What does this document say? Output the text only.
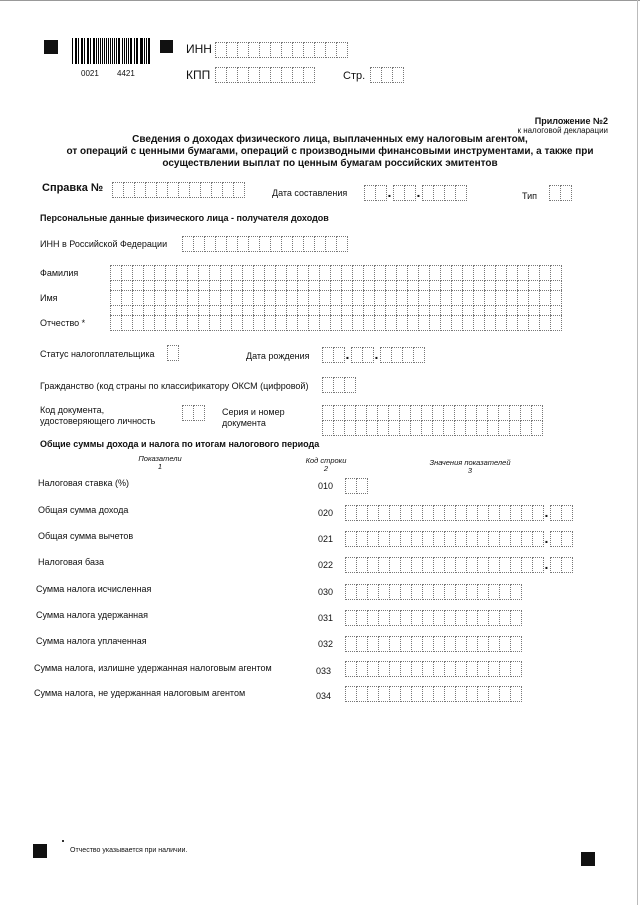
0021 4421
ИНН
КПП	Стр.
Приложение №2
к налоговой декларации
Сведения о доходах физического лица, выплаченных ему налоговым агентом,
от операций с ценными бумагами, операций с производными финансовыми инструментами, а также при
осуществлении выплат по ценным бумагам российских эмитентов
Справка №	Дата составления	. .	Тип
Персональные данные физического лица - получателя доходов
ИНН в Российской Федерации
Фамилия
Имя
Отчество *
Статус налогоплательщика	Дата рождения	. .
Гражданство (код страны по классификатору ОКСМ (цифровой)
Код документа,
удостоверяющего личность
Серия и номер
документа
Общие суммы дохода и налога по итогам налогового периода
Показатели
1
Код строки
2
Значения показателей
3
Налоговая ставка (%)	010
Общая сумма дохода	020	.
Общая сумма вычетов	021	.
Налоговая база	022	.
Сумма налога исчисленная	030
Сумма налога удержанная	031
Сумма налога уплаченная	032
Сумма налога, излишне удержанная налоговым агентом	033
Сумма налога, не удержанная налоговым агентом	034
Отчество указывается при наличии.
